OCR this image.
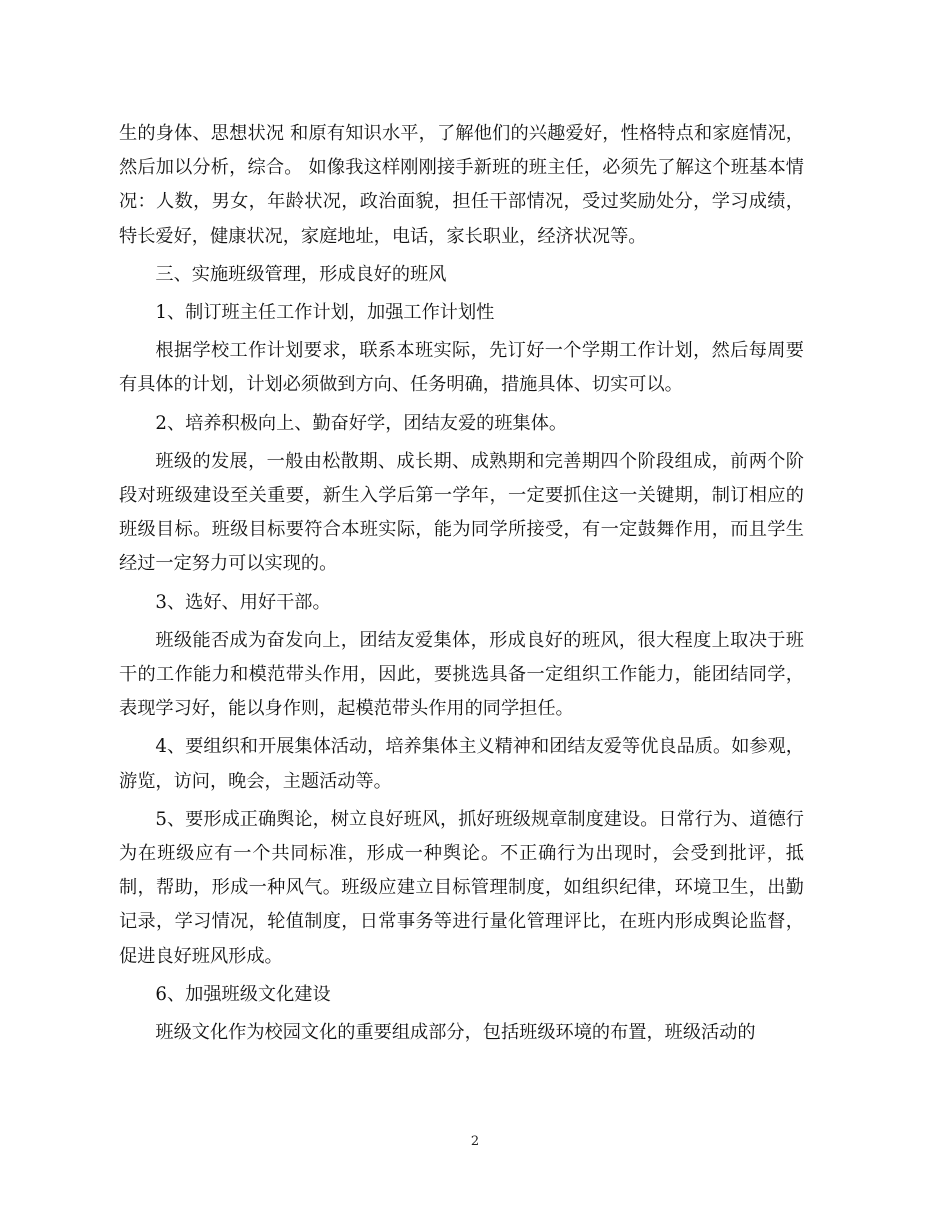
生的身体、思想状况 和原有知识水平，了解他们的兴趣爱好，性格特点和家庭情况，然后加以分析，综合。 如像我这样刚刚接手新班的班主任，必须先了解这个班基本情况：人数，男女，年龄状况，政治面貌，担任干部情况，受过奖励处分，学习成绩，特长爱好，健康状况，家庭地址，电话，家长职业，经济状况等。

三、实施班级管理，形成良好的班风

1、制订班主任工作计划，加强工作计划性

根据学校工作计划要求，联系本班实际，先订好一个学期工作计划，然后每周要有具体的计划，计划必须做到方向、任务明确，措施具体、切实可以。

2、培养积极向上、勤奋好学，团结友爱的班集体。

班级的发展，一般由松散期、成长期、成熟期和完善期四个阶段组成，前两个阶段对班级建设至关重要，新生入学后第一学年，一定要抓住这一关键期，制订相应的班级目标。班级目标要符合本班实际，能为同学所接受，有一定鼓舞作用，而且学生经过一定努力可以实现的。

3、选好、用好干部。

班级能否成为奋发向上，团结友爱集体，形成良好的班风，很大程度上取决于班干的工作能力和模范带头作用，因此，要挑选具备一定组织工作能力，能团结同学，表现学习好，能以身作则，起模范带头作用的同学担任。

4、要组织和开展集体活动，培养集体主义精神和团结友爱等优良品质。如参观，游览，访问，晚会，主题活动等。

5、要形成正确舆论，树立良好班风，抓好班级规章制度建设。日常行为、道德行为在班级应有一个共同标准，形成一种舆论。不正确行为出现时，会受到批评，抵制，帮助，形成一种风气。班级应建立目标管理制度，如组织纪律，环境卫生，出勤记录，学习情况，轮值制度，日常事务等进行量化管理评比，在班内形成舆论监督，促进良好班风形成。

6、加强班级文化建设

班级文化作为校园文化的重要组成部分，包括班级环境的布置，班级活动的

2
